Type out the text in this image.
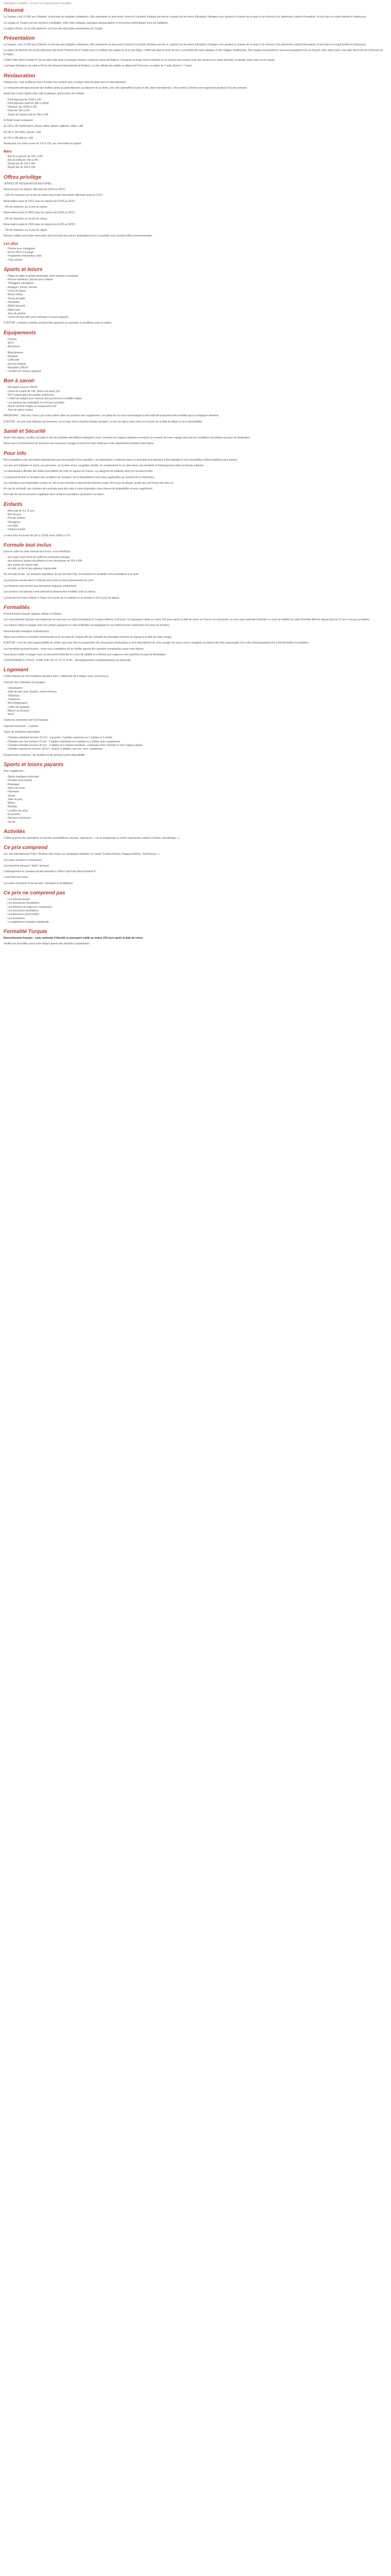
Description complète : Ce prix ne comprend pas Formalités
Résumé

La Turquie, c'est 10 000 ans d'histoire, le berceau de multiples civilisations. Elle représente un pont entre l'orient et l'occident. Andaluz est née et a grandi sur les terres d'Anatolie. Partagez avec passion le charme de ce pays et la richesse d'un patrimoine culturel d'exception, le tout dans un esprit familial et chaleureux.

Le voyage en Turquie est une aventure inoubliable, entre sites antiques, paysages spectaculaires et rencontres authentiques avec les habitants.

La région d'Izmir, sur la côte égéenne, est l'une des plus belles destinations de Turquie.

Présentation

La Turquie, c'est 10 000 ans d'histoire, le berceau de multiples civilisations. Elle représente un pont entre l'orient et l'occident. Andaluz est née et a grandi sur les terres d'Anatolie. Partagez avec passion le charme de ce pays et la richesse d'un patrimoine culturel d'exception, le tout dans un esprit familial et chaleureux.

La région de Bodrum est un lieu idéal pour découvrir l'histoire de la Turquie tout en profitant des plages et de la mer Égée. L'hôtel est situé en bord de mer, à proximité des sites antiques et des villages traditionnels. Nos équipes francophones vous accompagnent tout au long de votre séjour pour vous faire découvrir les richesses de la région.

L'Hôtel Palm Wind Gümbet 4* est un hôtel club situé à quelques minutes à pied du centre de Bodrum. Il propose un large choix d'activités et un service tout compris pour des vacances en toute sérénité, en famille, entre amis ou en couple.

L'aéroport d'Andaluz est situé à 40 km de l'aéroport international de Bodrum. Le prix affiché est valable au départ de Paris pour un séjour de 7 nuits (8 jours / 7 nuits).

Restauration

Chaque jour, vous profiterez d'une formule tout compris avec un large choix de plats turcs et internationaux.

Le restaurant principal propose des buffets variés au petit-déjeuner, au déjeuner et au dîner, avec des spécialités locales et des plats internationaux. Des soirées à thème sont organisées plusieurs fois par semaine.

Snack-bar ouvert l'après-midi, café et gâteaux, glaces pour les enfants.

- Petit-déjeuner de 7h00 à 10h
- Petit déjeuner tardif de 10h à 10h30
- Déjeuner de 12h30 à 14h
- Dîner de 19h à 21h
- Snack de l'après-midi de 15h à 16h

À l'hôtel Smart restaurant :

de 12h à 16h hamburgers, pizzas, pâtes, glaces, gâteaux, pâtes, café

de 19h à 16h pâtes, glaces, café

de 14h à 16h glaces, café

Restaurant à la carte ouvert de 12h à 21h, sur réservation et payant.

Bars
- Bar de la piscine de 10h à 24h
- Bar du lobby de 10h à 24h
- Snack bar de 12h à 16h
- Beach bar de 10h à 18h
Offres privilège

OFFRES DE RÉSERVATION ANTICIPÉE :

Réservé pour les séjours effectués du 01/05 au 30/10 :

- 10% de réduction sur le prix du séjour pour toute réservation effectuée avant le 31/12.

Réservation avant le 31/01 pour les séjours du 01/05 au 30/10 :

- 8% de réduction sur le prix du séjour.

Réservation avant le 28/02 pour les séjours du 01/05 au 30/10 :

- 5% de réduction sur le prix du séjour.

Réservation avant le 31/03 pour les séjours du 01/05 au 30/10 :

- 3% de réduction sur le prix du séjour.

Remise valable pour toute réservation dans la limite des places disponibles et non cumulable avec d'autres offres promotionnelles.

Les plus
- Piscine avec toboggans
- Accès direct à la plage
- Programme d'animation varié
- Club enfants
Sports et loisirs
- Plage de sable et galets aménagée, avec transats et parasols
- Piscine extérieure, piscine pour enfants
- Toboggans aquatiques
- Aquagym, fitness, aérobic
- Cours de danse
- Beach-volley
- Tennis de table
- Fléchettes
- Billard (payant)
- Water-polo
- Jeux de piscine
- Centre de bien-être avec hammam et sauna (payant)

À NOTER : certaines activités peuvent être payantes ou soumises à conditions selon la saison.

Équipements
- Parking
- Wi-Fi
- Ascenseur
- Blanchisserie
- Boutique
- Coffre-fort
- Service médical
- Réception 24h/24
- Location de voitures (payant)
Bon à savoir
- Réception ouverte 24h/24
- Check-in à partir de 14h, check-out avant 12h
- Wi-Fi gratuit dans les parties communes
- L'hôtel est adapté pour recevoir des personnes à mobilité réduite
- Les animaux de compagnie ne sont pas acceptés
- Tenue correcte exigée au restaurant le soir
- Taxe de séjour incluse

IMPORTANT : Vols vers / hors Lyon et les autres villes de province avec supplément. Les plans de vol sont communiqués à titre indicatif et peuvent être modifiés par la compagnie aérienne.

À NOTER : les prix sont indiqués par personne, sur la base d'une chambre double standard. Le prix du séjour peut varier en fonction de la date de départ et de la disponibilité.

Santé et Sécurité

Avant votre départ, veuillez consulter le site du ministère des Affaires étrangères pour connaître les risques sanitaires éventuels au moment de votre voyage ainsi que les conditions sécuritaires du pays de destination.

Nous vous recommandons de souscrire une assurance voyage couvrant les frais médicaux et de rapatriement pendant votre séjour.

Pour info

Nous travaillons avec des hôtels sélectionnés pour leur qualité et leur situation. Les informations contenues dans ce descriptif sont données à titre indicatif et sont susceptibles d'être modifiées sans préavis.

Les prix sont indiqués en euros, par personne, sur la base d'une occupation double. Ils comprennent le vol aller-retour, les transferts et l'hébergement selon la formule indiquée.

La classification officielle des hôtels peut différer de celle en vigueur en France. La catégorie est indiquée selon les normes locales.

Le tarif peut évoluer en fonction des conditions de transport, de la disponibilité et des taxes applicables au moment de la réservation.

Les chambres sont disponibles à partir de 14h le jour d'arrivée et doivent être libérées avant 12h le jour du départ, quelle que soit l'heure de votre vol.

En cas de vol tardif, une chambre de courtoisie peut être mise à votre disposition sous réserve de disponibilité et avec supplément.

Des frais de service peuvent s'appliquer pour certaines prestations proposées sur place.

Enfants
- Mini-club de 4 à 12 ans
- Aire de jeux
- Piscine enfants
- Toboggans
- Lits bébé
- Chaises hautes

Le mini-club est ouvert de 10h à 12h30 et de 14h30 à 17h.

Formule tout inclus

Dans le cadre de votre formule tout inclus, vous bénéficiez :

- des repas sous forme de buffet au restaurant principal
- des boissons locales alcoolisées et non alcoolisées de 10h à 24h
- des snacks de l'après-midi
- du café, du thé et des gâteaux l'après-midi

Ne sont pas inclus : les boissons importées, les jus de fruits frais, les boissons en bouteille et les prestations à la carte.

Les boissons servies dans la formule tout inclus le sont exclusivement au verre.

Les boissons sont servies aux personnes majeures uniquement.

Les horaires sont donnés à titre indicatif et peuvent être modifiés selon la saison.

La formule tout inclus débute à l'heure de la prise de la chambre et se termine à 12h le jour du départ.

Formalités

Ressortissants français (adultes, bébés et enfants) :

Les ressortissants français sont dispensés de visa pour un séjour touristique en Turquie inférieur à 90 jours. Un passeport valide au moins 150 jours après la date de retour en France est nécessaire, ou une carte nationale d'identité en cours de validité (la carte d'identité délivrée depuis plus de 10 ans n'est pas acceptée).

Les mineurs doivent voyager avec leur propre passeport ou carte d'identité, accompagnés le cas échéant d'une autorisation de sortie du territoire.

Ressortissants étrangers et binationaux :

Nous vous invitons à contacter l'ambassade ou le consulat de Turquie afin de connaître les formalités d'entrée en vigueur à la date de votre voyage.

À NOTER : il est de votre responsabilité de vérifier que vous êtes en possession des documents nécessaires au bon déroulement de votre voyage. En aucun cas le voyagiste ne pourra être tenu responsable d'un refus d'embarquement dû à des formalités incomplètes.

Les formalités peuvent évoluer ; nous vous conseillons de les vérifier auprès des autorités compétentes avant votre départ.

Vous devez veiller à voyager avec un document d'identité en cours de validité et conforme aux exigences des autorités du pays de destination.

COORDONNÉES UTILES : ZONE SUD Tél. 01 70 70 70 00 – Renseignements complémentaires sur demande.

Logement

L'hôtel dispose de 163 chambres réparties dans 2 bâtiments de 4 étages (avec ascenseurs).

Chacune des chambres est équipée :

- Climatisation
- Salle de bain avec douche, sèche-cheveux
- Télévision
- Téléphone
- Mini-réfrigérateur
- Coffre-fort (payant)
- Balcon ou terrasse
- Wi-Fi

Toutes les chambres sont non-fumeurs.

Capacité maximum : 3 adultes

Types de chambres disponibles :

- Chambre standard (environ 22 m²) : vue jardin, 2 adultes maximum ou 2 adultes et 1 enfant.
- Chambre vue mer (environ 22 m²) : 2 adultes maximum ou 2 adultes et 1 enfant, avec supplément.
- Chambre familiale (environ 30 m²) : 2 adultes et 2 enfants maximum, composée d'une chambre et d'un espace séparé.
- Chambre supérieure (environ 28 m²) : jusqu'à 3 adultes, vue mer, avec supplément.

Équipements communs : lits doubles ou lits jumeaux selon disponibilité.

Sports et loisirs payants

Avec supplément :

- Sports nautiques motorisés
- Plongée sous-marine
- Massages
- Soins du corps
- Hammam
- Sauna
- Salle de jeux
- Billard
- Bowling
- Location de vélos
- Excursions
- Parcours d'aventure
- Jet-ski
Activités

L'hôtel propose des animations en journée (compétitions, tournois, spectacles...) et un programme en soirée (spectacles, soirées à thème, discothèque...).

Ce prix comprend

Les vols internationaux Paris / Bodrum aller-retour sur compagnie régulière ou charter (Turkish Airlines, Pegasus Airlines, SunExpress...)

Les taxes aéroport et redevances

Les transferts aéroport / hôtel / aéroport

L'hébergement en chambre double standard à l'hôtel Club Palm Wind Gümbet 4*

La formule tout inclus

Les taxes d'aéroport et de sécurité, révisables et modifiables

Ce prix ne comprend pas
- Les frais de dossier
- Les assurances facultatives
- Les boissons et repas non mentionnés
- Les excursions facultatives
- Les dépenses personnelles
- Les pourboires
- Le supplément chambre individuelle
Formalité Turquie

Ressortissants français : carte nationale d'identité ou passeport valide au moins 150 jours après la date de retour.

Vérifiez les formalités avant votre départ auprès des autorités compétentes.
